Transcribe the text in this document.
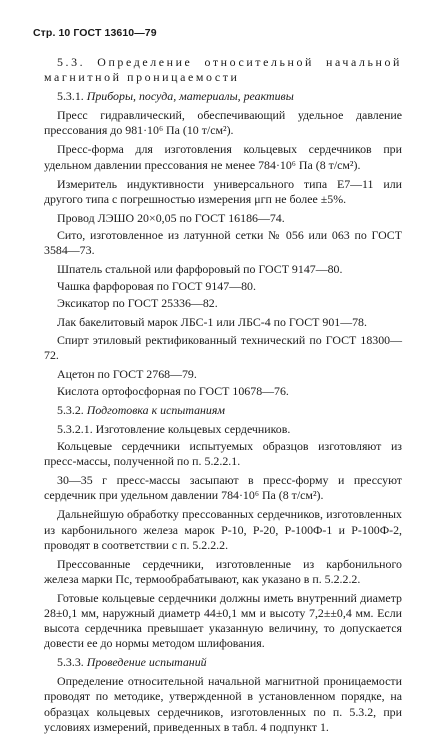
Стр. 10 ГОСТ 13610—79

5.3. Определение относительной начальной магнитной проницаемости

5.3.1. Приборы, посуда, материалы, реактивы

Пресс гидравлический, обеспечивающий удельное давление прессования до 981·10⁶ Па (10 т/см²).

Пресс-форма для изготовления кольцевых сердечников при удельном давлении прессования не менее 784·10⁶ Па (8 т/см²).

Измеритель индуктивности универсального типа Е7—11 или другого типа с погрешностью измерения μгп не более ±5%.

Провод ЛЭШО 20×0,05 по ГОСТ 16186—74.

Сито, изготовленное из латунной сетки № 056 или 063 по ГОСТ 3584—73.

Шпатель стальной или фарфоровый по ГОСТ 9147—80.

Чашка фарфоровая по ГОСТ 9147—80.

Эксикатор по ГОСТ 25336—82.

Лак бакелитовый марок ЛБС-1 или ЛБС-4 по ГОСТ 901—78.

Спирт этиловый ректификованный технический по ГОСТ 18300—72.

Ацетон по ГОСТ 2768—79.

Кислота ортофосфорная по ГОСТ 10678—76.

5.3.2. Подготовка к испытаниям

5.3.2.1. Изготовление кольцевых сердечников.

Кольцевые сердечники испытуемых образцов изготовляют из пресс-массы, полученной по п. 5.2.2.1.

30—35 г пресс-массы засыпают в пресс-форму и прессуют сердечник при удельном давлении 784·10⁶ Па (8 т/см²).

Дальнейшую обработку прессованных сердечников, изготовленных из карбонильного железа марок Р-10, Р-20, Р-100Ф-1 и Р-100Ф-2, проводят в соответствии с п. 5.2.2.2.

Прессованные сердечники, изготовленные из карбонильного железа марки Пс, термообрабатывают, как указано в п. 5.2.2.2.

Готовые кольцевые сердечники должны иметь внутренний диаметр 28±0,1 мм, наружный диаметр 44±0,1 мм и высоту 7,2±±0,4 мм. Если высота сердечника превышает указанную величину, то допускается довести ее до нормы методом шлифования.

5.3.3. Проведение испытаний

Определение относительной начальной магнитной проницаемости проводят по методике, утвержденной в установленном порядке, на образцах кольцевых сердечников, изготовленных по п. 5.3.2, при условиях измерений, приведенных в табл. 4 подпункт 1.
